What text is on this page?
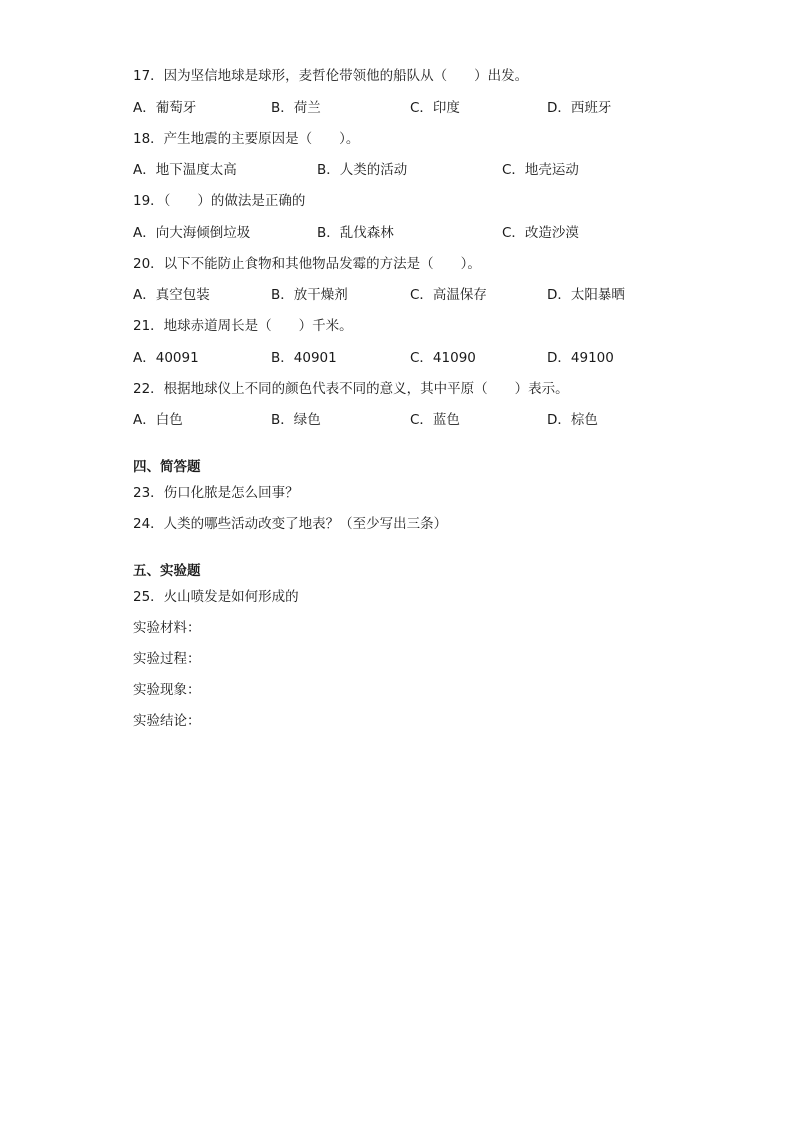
17．因为坚信地球是球形，麦哲伦带领他的船队从（　　）出发。
A．葡萄牙	B．荷兰	C．印度	D．西班牙
18．产生地震的主要原因是（　　）。
A．地下温度太高	B．人类的活动	C．地壳运动
19．（　　）的做法是正确的
A．向大海倾倒垃圾	B．乱伐森林	C．改造沙漠
20．以下不能防止食物和其他物品发霉的方法是（　　）。
A．真空包装	B．放干燥剂	C．高温保存	D．太阳暴晒
21．地球赤道周长是（　　）千米。
A．40091	B．40901	C．41090	D．49100
22．根据地球仪上不同的颜色代表不同的意义，其中平原（　　）表示。
A．白色	B．绿色	C．蓝色	D．棕色
四、简答题
23．伤口化脓是怎么回事？
24．人类的哪些活动改变了地表？（至少写出三条）
五、实验题
25．火山喷发是如何形成的
实验材料：
实验过程：
实验现象：
实验结论：
